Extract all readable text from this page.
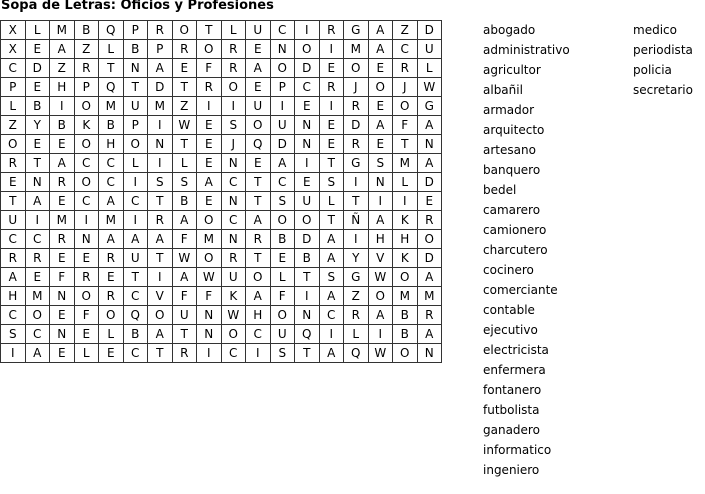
Sopa de Letras: Oficios y Profesiones
X	L	M	B	Q	P	R	O	T	L	U	C	I	R	G	A	Z	D
X	E	A	Z	L	B	P	R	O	R	E	N	O	I	M	A	C	U
C	D	Z	R	T	N	A	E	F	R	A	O	D	E	O	E	R	L
P	E	H	P	Q	T	D	T	R	O	E	P	C	R	J	O	J	W
L	B	I	O	M	U	M	Z	I	I	U	I	E	I	R	E	O	G
Z	Y	B	K	B	P	I	W	E	S	O	U	N	E	D	A	F	A
O	E	E	O	H	O	N	T	E	J	Q	D	N	E	R	E	T	N
R	T	A	C	C	L	I	L	E	N	E	A	I	T	G	S	M	A
E	N	R	O	C	I	S	S	A	C	T	C	E	S	I	N	L	D
T	A	E	C	A	C	T	B	E	N	T	S	U	L	T	I	I	E
U	I	M	I	M	I	R	A	O	C	A	O	O	T	Ñ	A	K	R
C	C	R	N	A	A	A	F	M	N	R	B	D	A	I	H	H	O
R	R	E	E	R	U	T	W	O	R	T	E	B	A	Y	V	K	D
A	E	F	R	E	T	I	A	W	U	O	L	T	S	G	W	O	A
H	M	N	O	R	C	V	F	F	K	A	F	I	A	Z	O	M	M
C	O	E	F	O	Q	O	U	N	W	H	O	N	C	R	A	B	R
S	C	N	E	L	B	A	T	N	O	C	U	Q	I	L	I	B	A
I	A	E	L	E	C	T	R	I	C	I	S	T	A	Q	W	O	N
abogado
administrativo
agricultor
albañil
armador
arquitecto
artesano
banquero
bedel
camarero
camionero
charcutero
cocinero
comerciante
contable
ejecutivo
electricista
enfermera
fontanero
futbolista
ganadero
informatico
ingeniero
medico
periodista
policia
secretario
